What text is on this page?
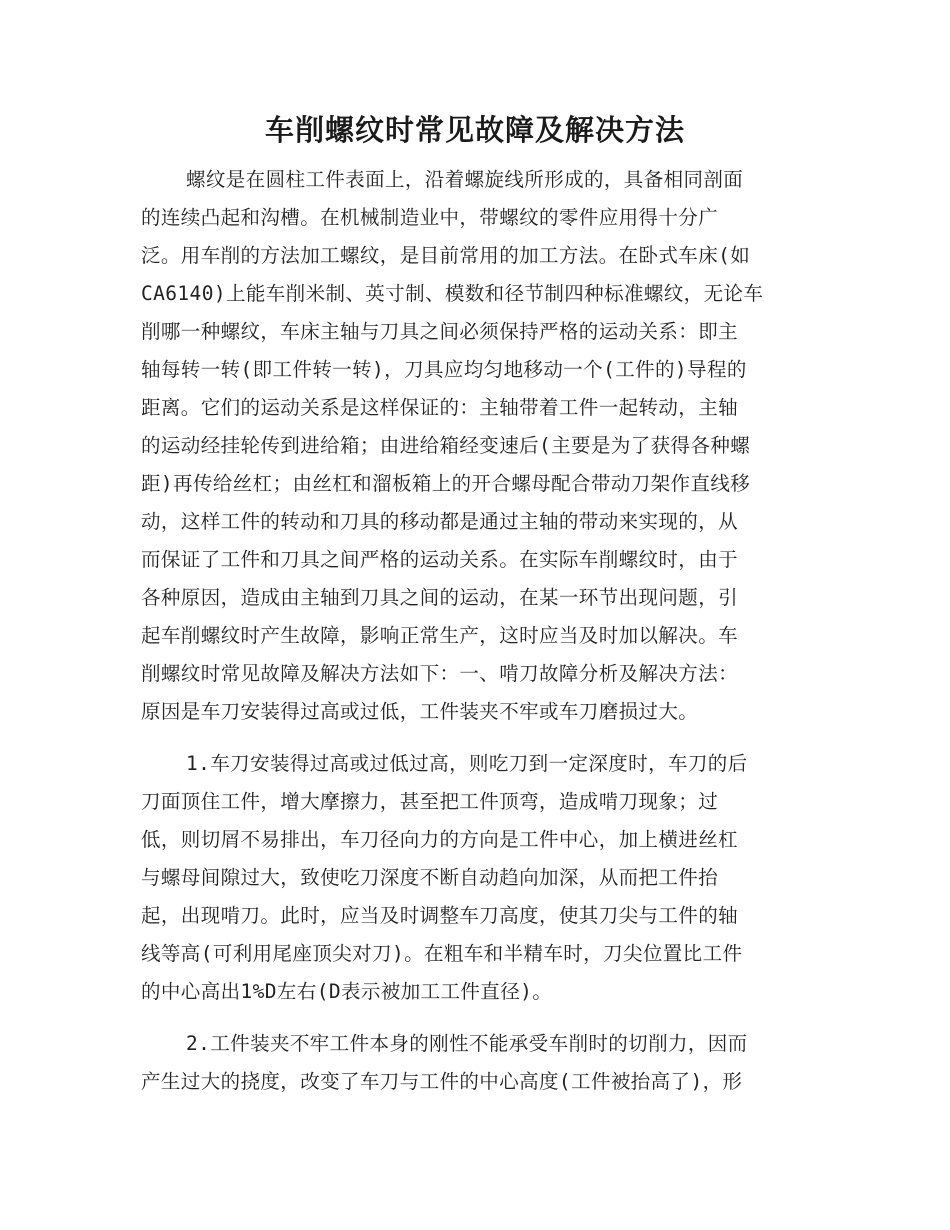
车削螺纹时常见故障及解决方法
螺纹是在圆柱工件表面上，沿着螺旋线所形成的，具备相同剖面
的连续凸起和沟槽。在机械制造业中，带螺纹的零件应用得十分广
泛。用车削的方法加工螺纹，是目前常用的加工方法。在卧式车床(如
CA6140)上能车削米制、英寸制、模数和径节制四种标准螺纹，无论车
削哪一种螺纹，车床主轴与刀具之间必须保持严格的运动关系：即主
轴每转一转(即工件转一转)，刀具应均匀地移动一个(工件的)导程的
距离。它们的运动关系是这样保证的：主轴带着工件一起转动，主轴
的运动经挂轮传到进给箱；由进给箱经变速后(主要是为了获得各种螺
距)再传给丝杠；由丝杠和溜板箱上的开合螺母配合带动刀架作直线移
动，这样工件的转动和刀具的移动都是通过主轴的带动来实现的，从
而保证了工件和刀具之间严格的运动关系。在实际车削螺纹时，由于
各种原因，造成由主轴到刀具之间的运动，在某一环节出现问题，引
起车削螺纹时产生故障，影响正常生产，这时应当及时加以解决。车
削螺纹时常见故障及解决方法如下：一、啃刀故障分析及解决方法：
原因是车刀安装得过高或过低，工件装夹不牢或车刀磨损过大。
1.车刀安装得过高或过低过高，则吃刀到一定深度时，车刀的后
刀面顶住工件，增大摩擦力，甚至把工件顶弯，造成啃刀现象；过
低，则切屑不易排出，车刀径向力的方向是工件中心，加上横进丝杠
与螺母间隙过大，致使吃刀深度不断自动趋向加深，从而把工件抬
起，出现啃刀。此时，应当及时调整车刀高度，使其刀尖与工件的轴
线等高(可利用尾座顶尖对刀)。在粗车和半精车时，刀尖位置比工件
的中心高出1%D左右(D表示被加工工件直径)。
2.工件装夹不牢工件本身的刚性不能承受车削时的切削力，因而
产生过大的挠度，改变了车刀与工件的中心高度(工件被抬高了)，形
